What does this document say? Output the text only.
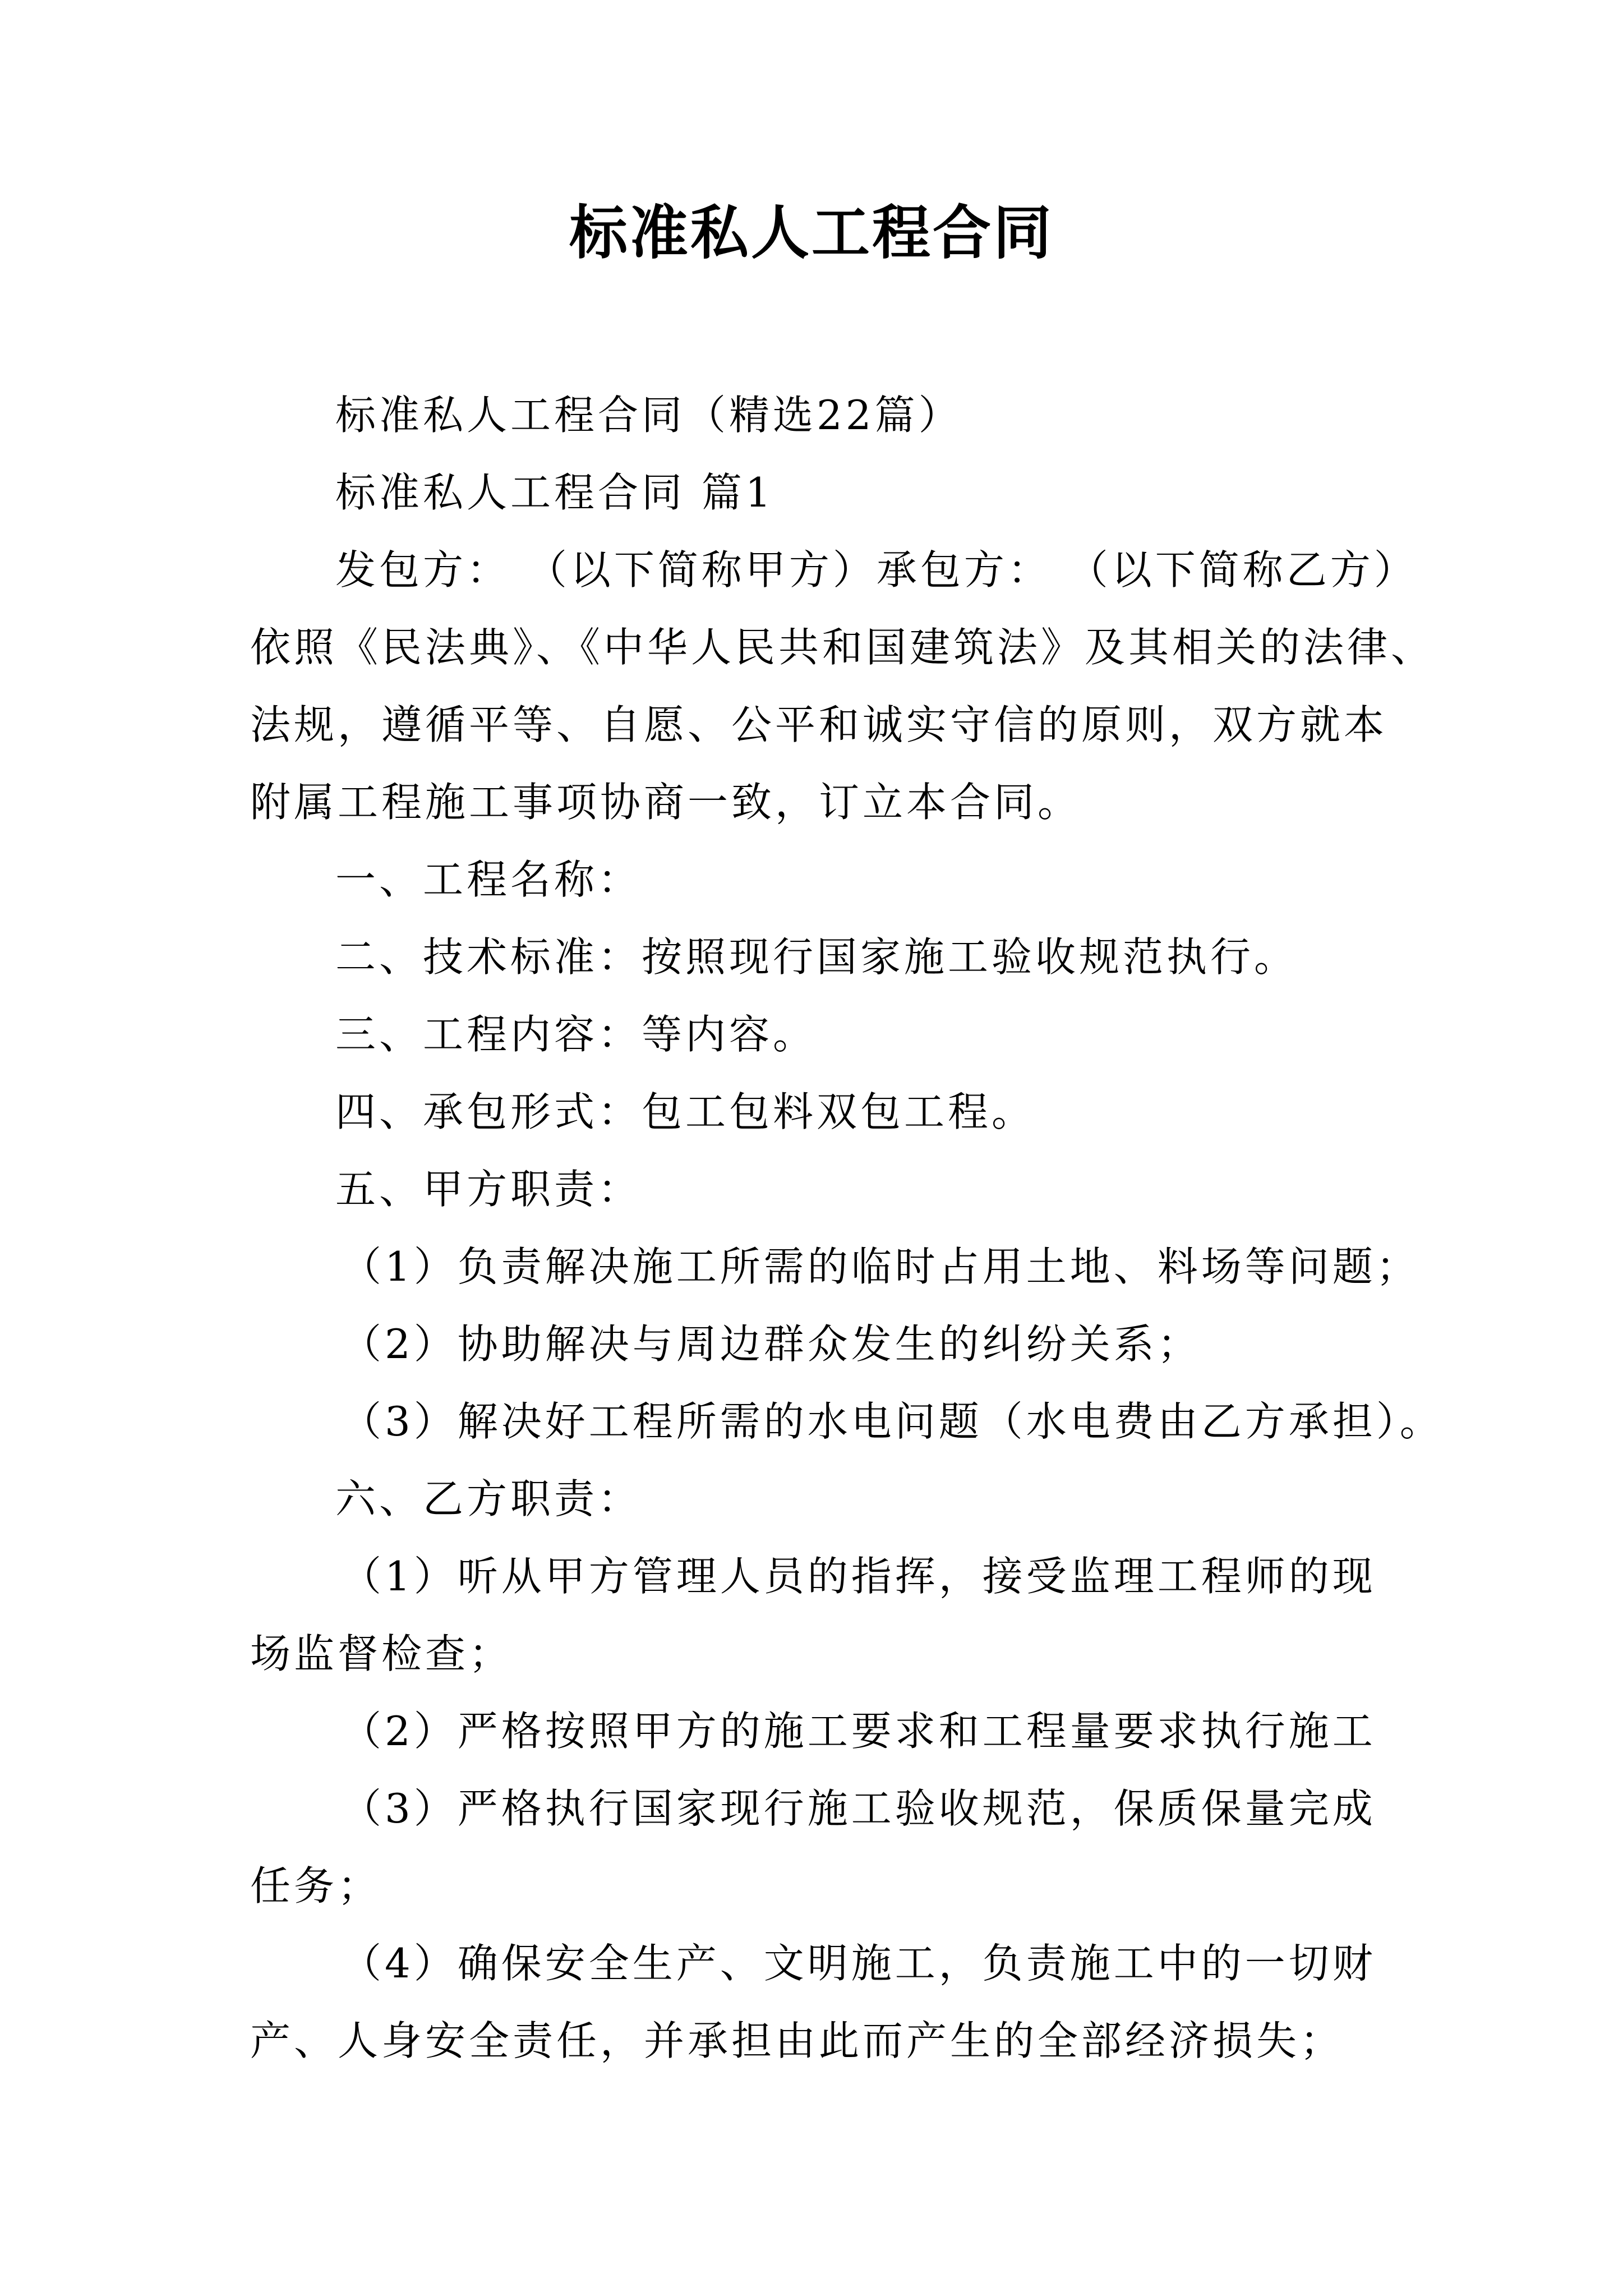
标准私人工程合同
标准私人工程合同（精选22篇）
标准私人工程合同 篇1
发包方： （以下简称甲方）承包方： （以下简称乙方）
依照《民法典》、《中华人民共和国建筑法》及其相关的法律、
法规，遵循平等、自愿、公平和诚实守信的原则，双方就本
附属工程施工事项协商一致，订立本合同。
一、工程名称：
二、技术标准：按照现行国家施工验收规范执行。
三、工程内容：等内容。
四、承包形式：包工包料双包工程。
五、甲方职责：
（1）负责解决施工所需的临时占用土地、料场等问题；
（2）协助解决与周边群众发生的纠纷关系；
（3）解决好工程所需的水电问题（水电费由乙方承担）。
六、乙方职责：
（1）听从甲方管理人员的指挥，接受监理工程师的现
场监督检查；
（2）严格按照甲方的施工要求和工程量要求执行施工
（3）严格执行国家现行施工验收规范，保质保量完成
任务；
（4）确保安全生产、文明施工，负责施工中的一切财
产、人身安全责任，并承担由此而产生的全部经济损失；
